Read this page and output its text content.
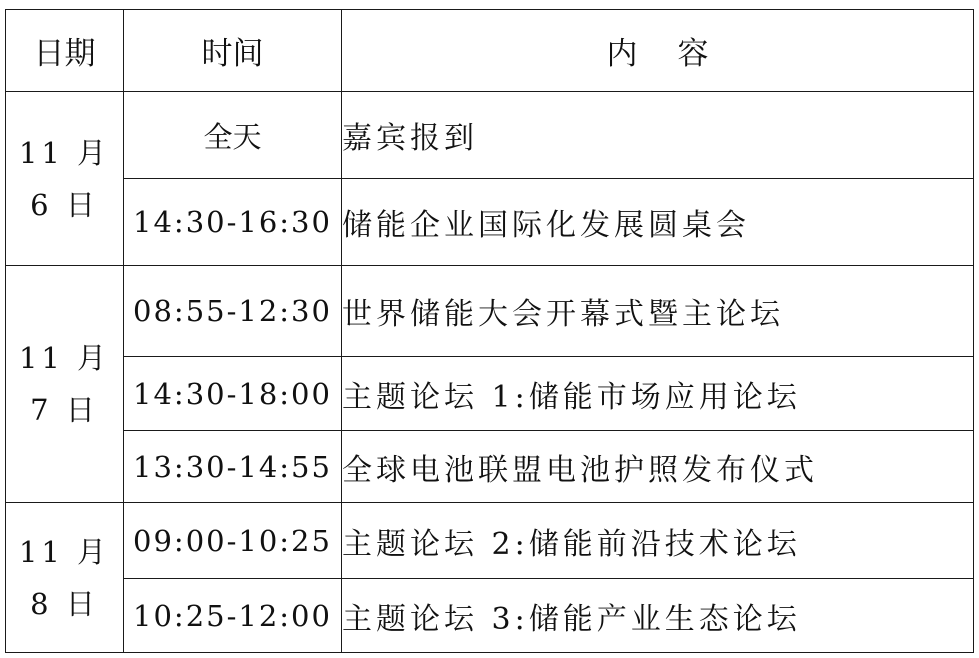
日期	时间	内容

11 月
6 日	全天	嘉宾报到
	14:30-16:30	储能企业国际化发展圆桌会

11 月
7 日	08:55-12:30	世界储能大会开幕式暨主论坛
	14:30-18:00	主题论坛 1:储能市场应用论坛
	13:30-14:55	全球电池联盟电池护照发布仪式

11 月
8 日	09:00-10:25	主题论坛 2:储能前沿技术论坛
	10:25-12:00	主题论坛 3:储能产业生态论坛
